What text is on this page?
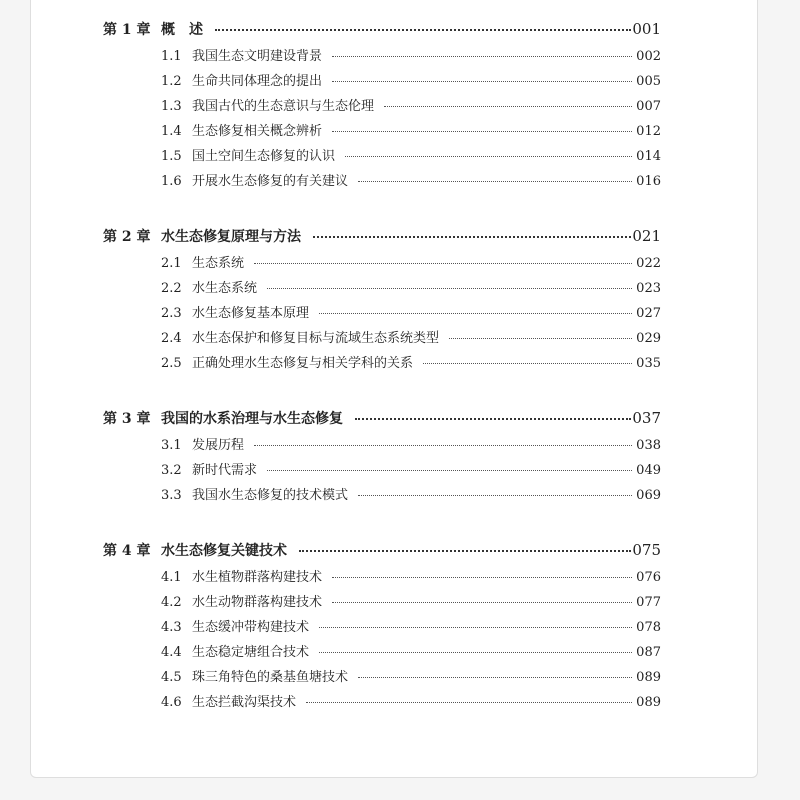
第 1 章 概　述	001
1.1 我国生态文明建设背景	002
1.2 生命共同体理念的提出	005
1.3 我国古代的生态意识与生态伦理	007
1.4 生态修复相关概念辨析	012
1.5 国土空间生态修复的认识	014
1.6 开展水生态修复的有关建议	016
第 2 章 水生态修复原理与方法	021
2.1 生态系统	022
2.2 水生态系统	023
2.3 水生态修复基本原理	027
2.4 水生态保护和修复目标与流域生态系统类型	029
2.5 正确处理水生态修复与相关学科的关系	035
第 3 章 我国的水系治理与水生态修复	037
3.1 发展历程	038
3.2 新时代需求	049
3.3 我国水生态修复的技术模式	069
第 4 章 水生态修复关键技术	075
4.1 水生植物群落构建技术	076
4.2 水生动物群落构建技术	077
4.3 生态缓冲带构建技术	078
4.4 生态稳定塘组合技术	087
4.5 珠三角特色的桑基鱼塘技术	089
4.6 生态拦截沟渠技术	089
